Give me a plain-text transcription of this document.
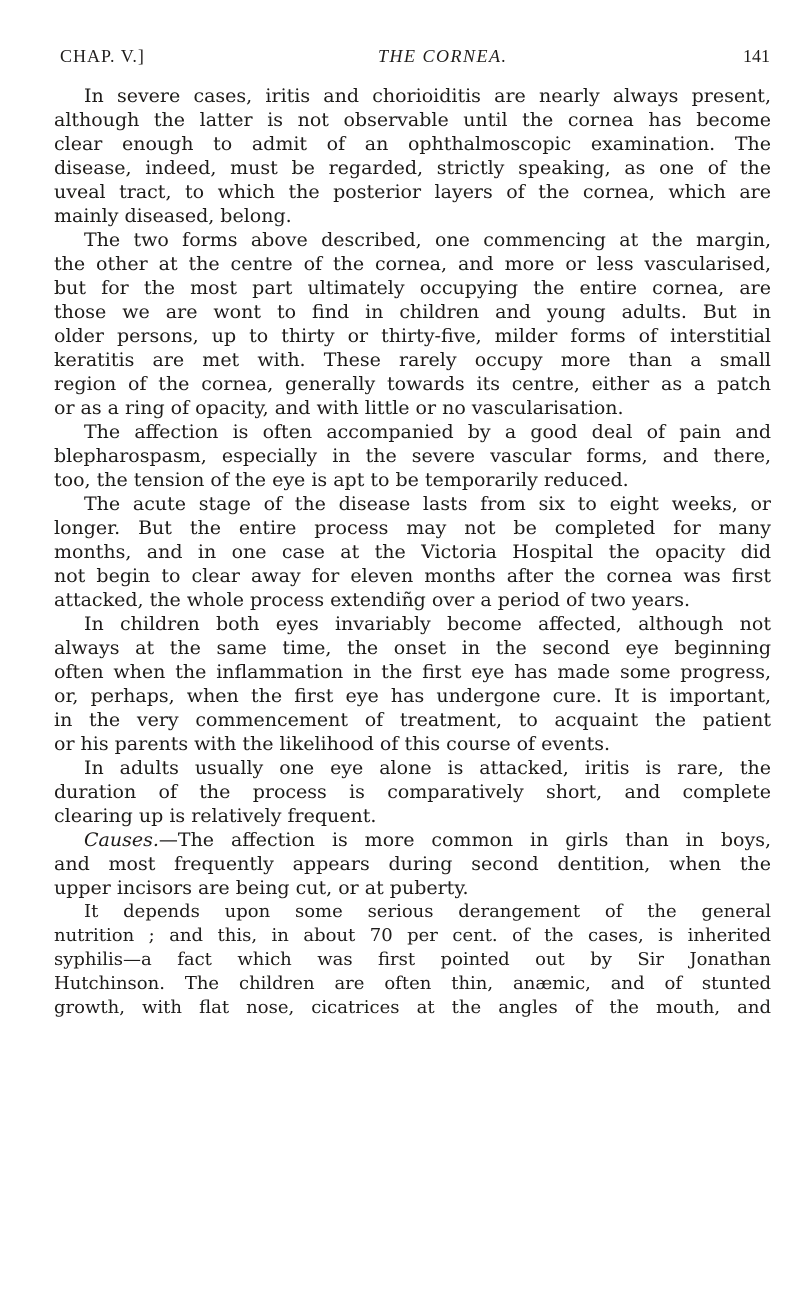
CHAP. V.]	THE CORNEA.	141
In severe cases, iritis and chorioiditis are nearly always present,
although the latter is not observable until the cornea has become
clear enough to admit of an ophthalmoscopic examination. The
disease, indeed, must be regarded, strictly speaking, as one of the
uveal tract, to which the posterior layers of the cornea, which are
mainly diseased, belong.
The two forms above described, one commencing at the margin,
the other at the centre of the cornea, and more or less vascularised,
but for the most part ultimately occupying the entire cornea, are
those we are wont to find in children and young adults. But in
older persons, up to thirty or thirty-five, milder forms of interstitial
keratitis are met with. These rarely occupy more than a small
region of the cornea, generally towards its centre, either as a patch
or as a ring of opacity, and with little or no vascularisation.
The affection is often accompanied by a good deal of pain and
blepharospasm, especially in the severe vascular forms, and there,
too, the tension of the eye is apt to be temporarily reduced.
The acute stage of the disease lasts from six to eight weeks, or
longer. But the entire process may not be completed for many
months, and in one case at the Victoria Hospital the opacity did
not begin to clear away for eleven months after the cornea was first
attacked, the whole process extendiñg over a period of two years.
In children both eyes invariably become affected, although not
always at the same time, the onset in the second eye beginning
often when the inflammation in the first eye has made some progress,
or, perhaps, when the first eye has undergone cure. It is important,
in the very commencement of treatment, to acquaint the patient
or his parents with the likelihood of this course of events.
In adults usually one eye alone is attacked, iritis is rare, the
duration of the process is comparatively short, and complete
clearing up is relatively frequent.
Causes.—The affection is more common in girls than in boys,
and most frequently appears during second dentition, when the
upper incisors are being cut, or at puberty.
It depends upon some serious derangement of the general
nutrition ; and this, in about 70 per cent. of the cases, is inherited
syphilis—a fact which was first pointed out by Sir Jonathan
Hutchinson. The children are often thin, anæmic, and of stunted
growth, with flat nose, cicatrices at the angles of the mouth, and
